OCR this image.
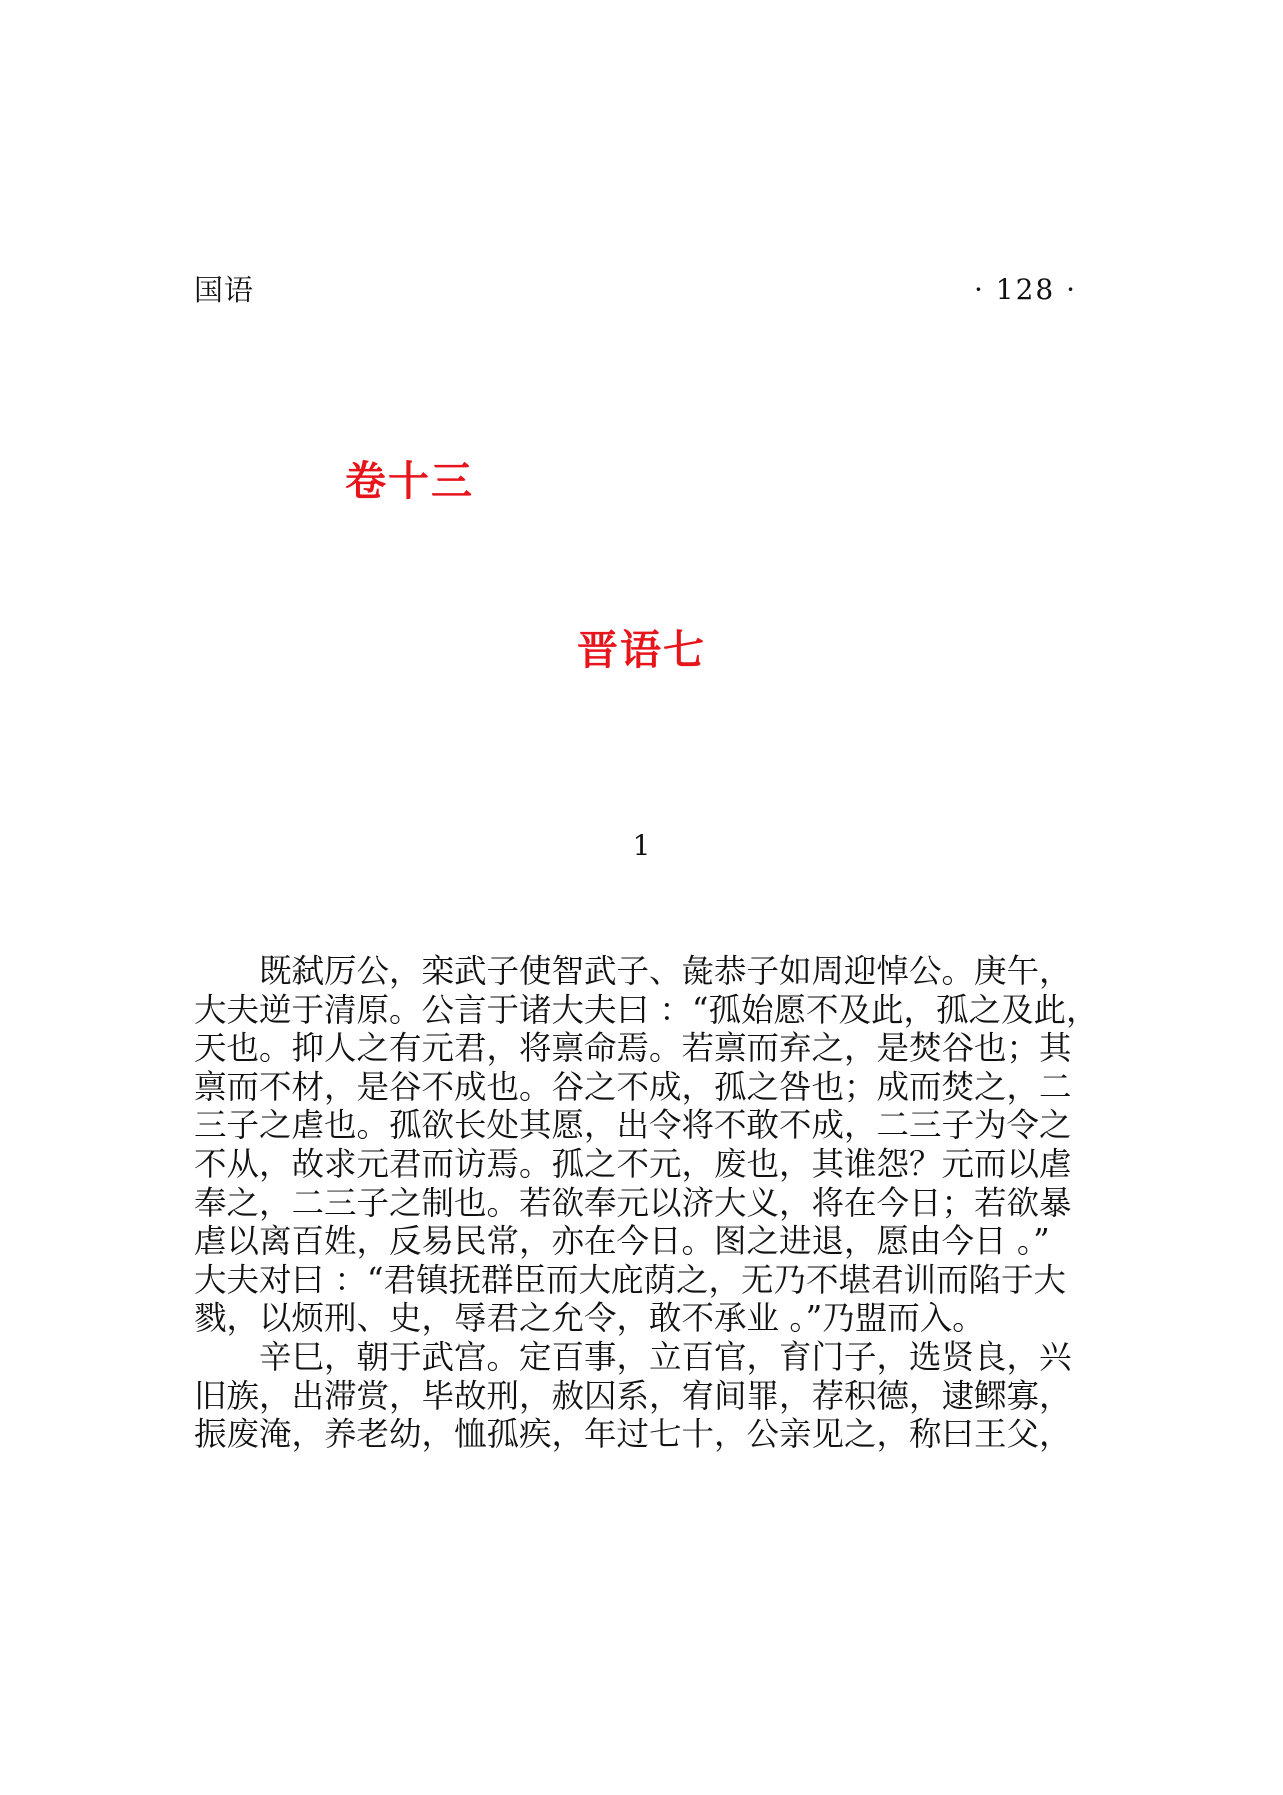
国语	· 128 ·
卷十三
晋语七
1
　　既弑厉公，栾武子使智武子、彘恭子如周迎悼公。庚午，
大夫逆于清原。公言于诸大夫曰 ：“孤始愿不及此，孤之及此，
天也。抑人之有元君，将禀命焉。若禀而弃之，是焚谷也；其
禀而不材，是谷不成也。谷之不成，孤之咎也；成而焚之，二
三子之虐也。孤欲长处其愿，出令将不敢不成，二三子为令之
不从，故求元君而访焉。孤之不元，废也，其谁怨？元而以虐
奉之，二三子之制也。若欲奉元以济大义，将在今日；若欲暴
虐以离百姓，反易民常，亦在今日。图之进退，愿由今日 。”
大夫对曰 ：“君镇抚群臣而大庇荫之，无乃不堪君训而陷于大
戮，以烦刑、史，辱君之允令，敢不承业 。”乃盟而入。
　　辛巳，朝于武宫。定百事，立百官，育门子，选贤良，兴
旧族，出滞赏，毕故刑，赦囚系，宥间罪，荐积德，逮鳏寡，
振废淹，养老幼，恤孤疾，年过七十，公亲见之，称曰王父，
